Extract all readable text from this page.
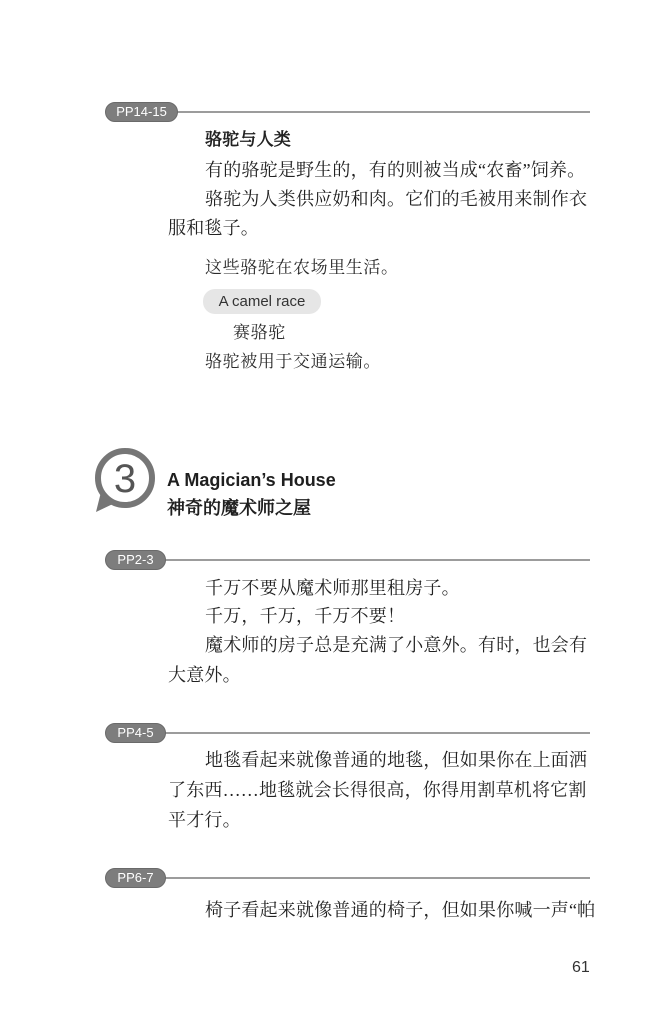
PP14-15
骆驼与人类
有的骆驼是野生的，有的则被当成“农畜”饲养。
骆驼为人类供应奶和肉。它们的毛被用来制作衣
服和毯子。
这些骆驼在农场里生活。
A camel race
赛骆驼
骆驼被用于交通运输。
3 A Magician’s House
神奇的魔术师之屋
PP2-3
千万不要从魔术师那里租房子。
千万，千万，千万不要！
魔术师的房子总是充满了小意外。有时，也会有
大意外。
PP4-5
地毯看起来就像普通的地毯，但如果你在上面洒
了东西……地毯就会长得很高，你得用割草机将它割
平才行。
PP6-7
椅子看起来就像普通的椅子，但如果你喊一声“帕
61
